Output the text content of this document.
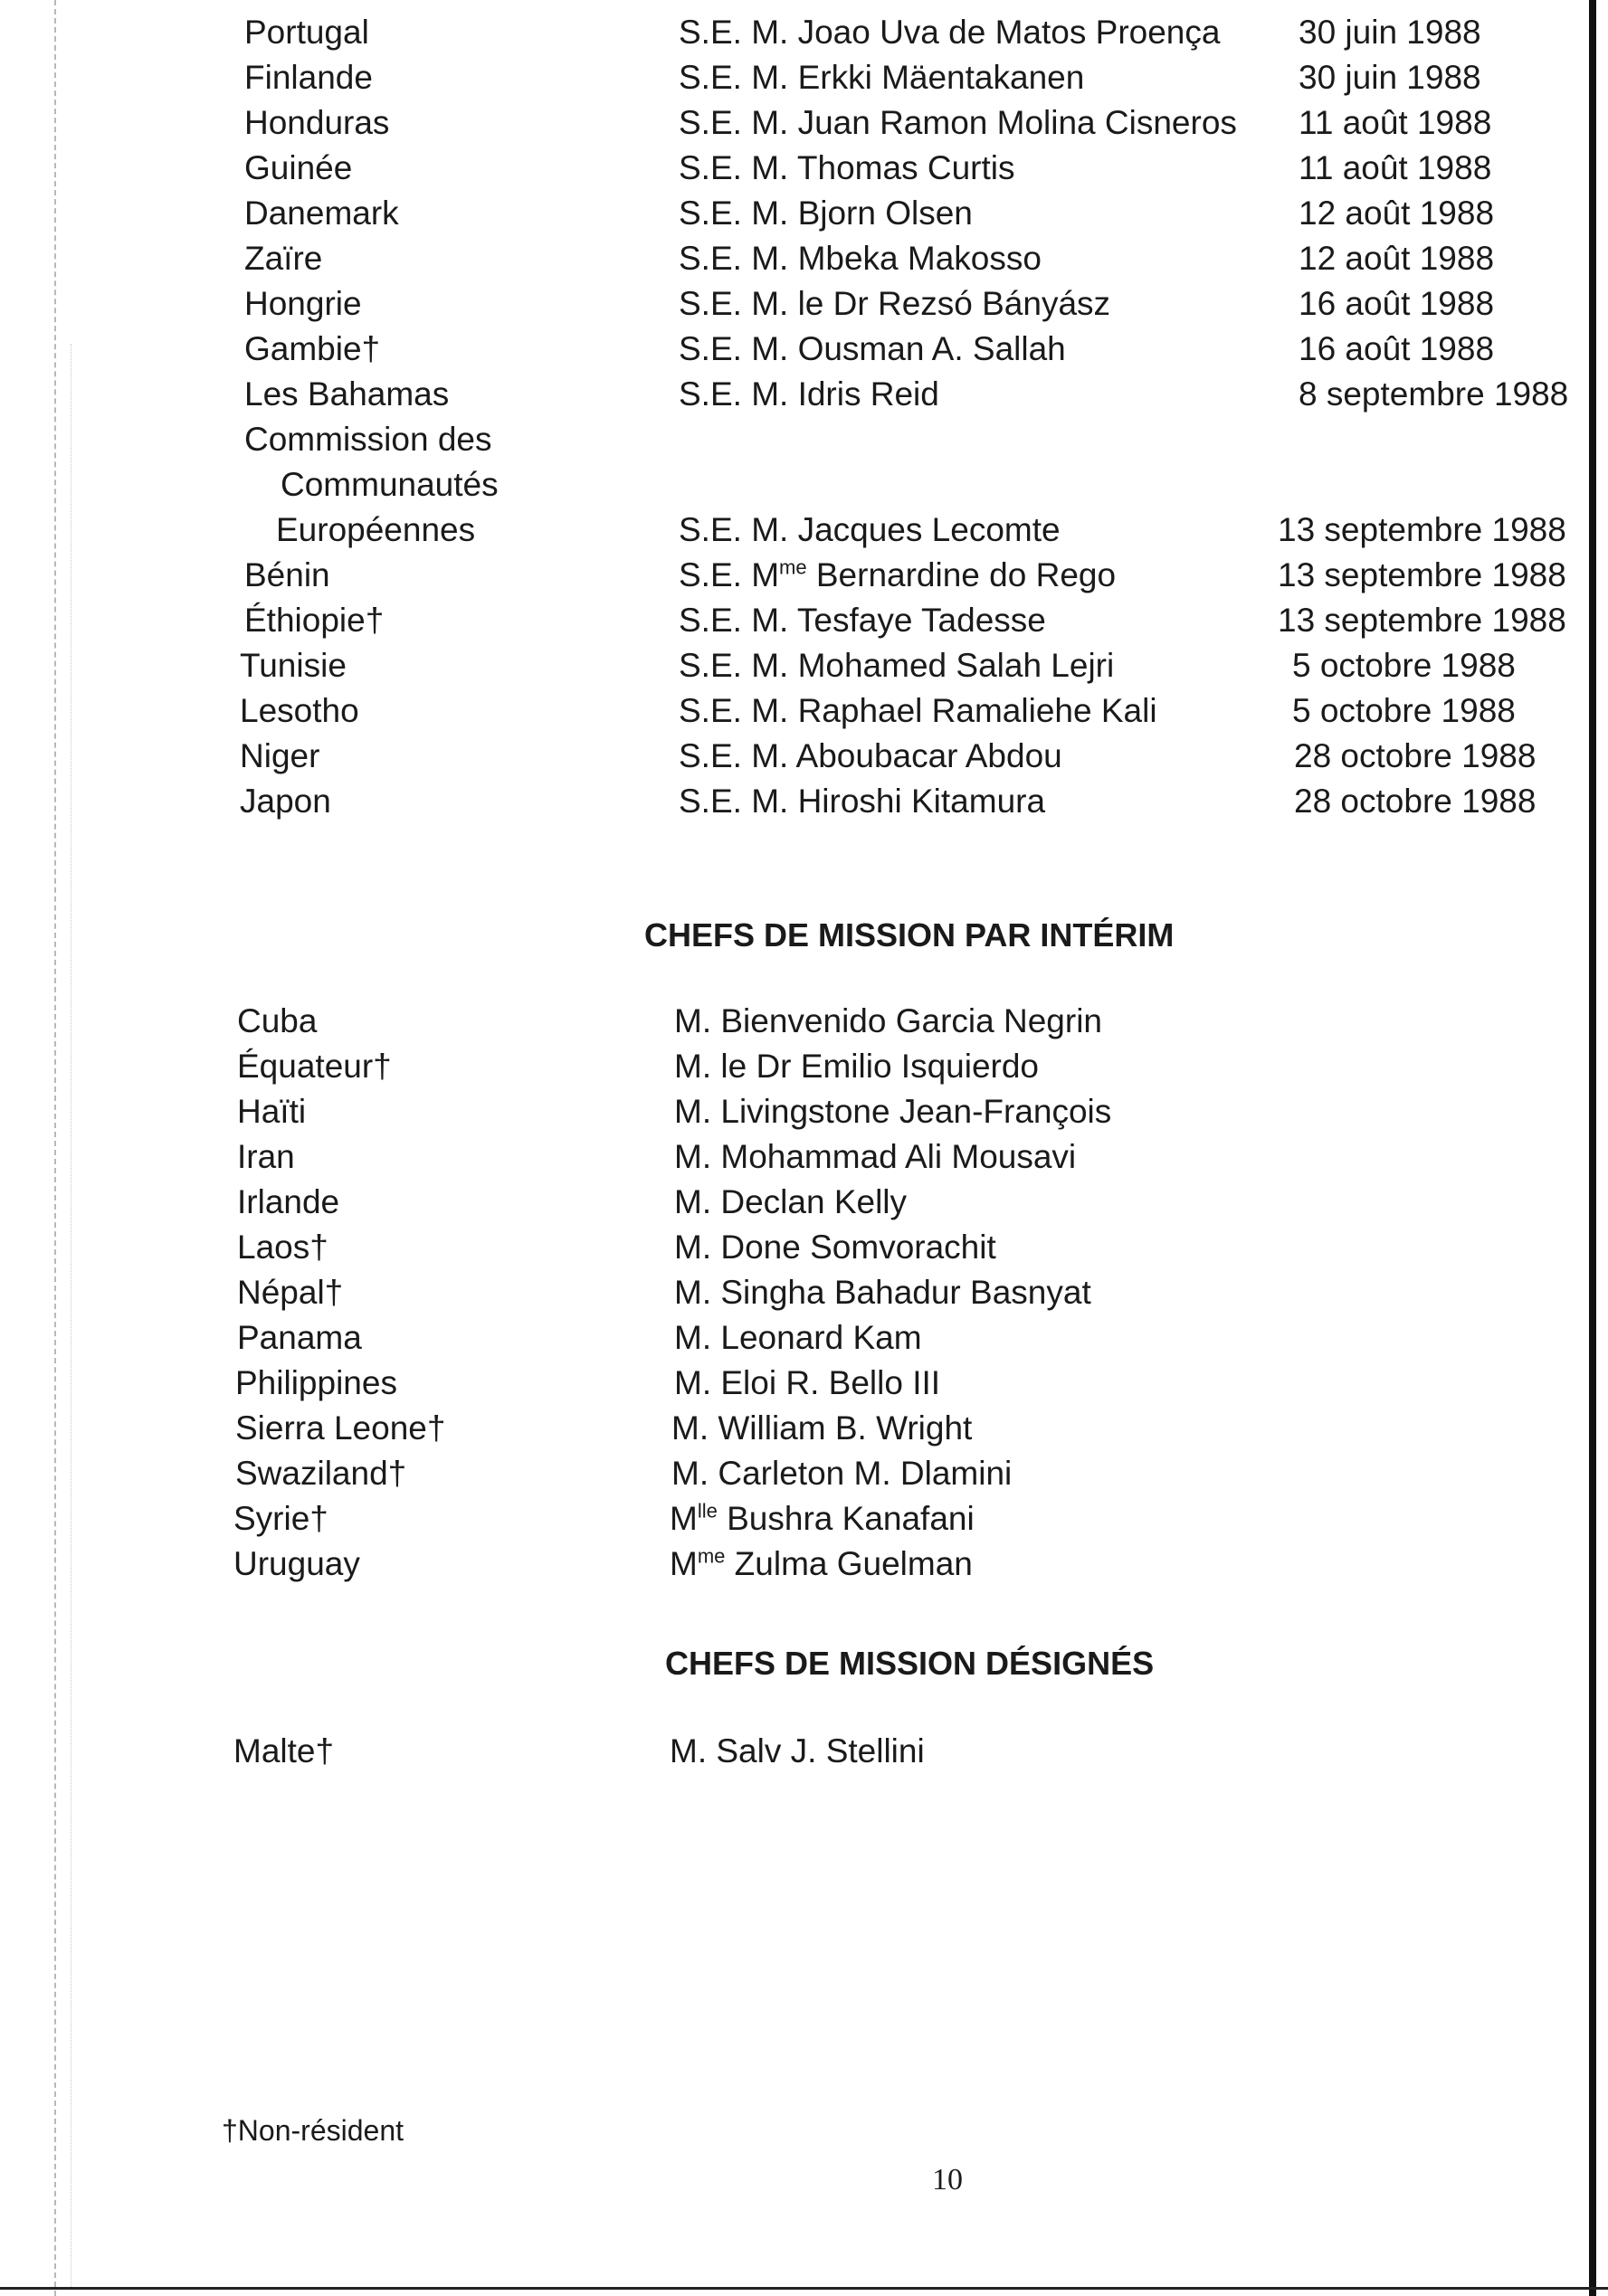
Portugal	S.E. M. Joao Uva de Matos Proença 30 juin 1988
Finlande	S.E. M. Erkki Mäentakanen	30 juin 1988
Honduras	S.E. M. Juan Ramon Molina Cisneros 11 août 1988
Guinée	S.E. M. Thomas Curtis	11 août 1988
Danemark	S.E. M. Bjorn Olsen	12 août 1988
Zaïre	S.E. M. Mbeka Makosso	12 août 1988
Hongrie	S.E. M. le Dr Rezsó Bányász	16 août 1988
Gambie†	S.E. M. Ousman A. Sallah	16 août 1988
Les Bahamas	S.E. M. Idris Reid	8 septembre 1988
Commission des
Communautés
Européennes	S.E. M. Jacques Lecomte	13 septembre 1988
Bénin	S.E. $M^{me}$ Bernardine do Rego	13 septembre 1988
Éthiopie†	S.E. M. Tesfaye Tadesse	13 septembre 1988
Tunisie	S.E. M. Mohamed Salah Lejri	5 octobre 1988
Lesotho	S.E. M. Raphael Ramaliehe Kali	5 octobre 1988
Niger	S.E. M. Aboubacar Abdou	28 octobre 1988
Japon	S.E. M. Hiroshi Kitamura	28 octobre 1988
CHEFS DE MISSION PAR INTÉRIM
Cuba	M. Bienvenido Garcia Negrin
Équateur†	M. le Dr Emilio Isquierdo
Haïti	M. Livingstone Jean-François
Iran	M. Mohammad Ali Mousavi
Irlande	M. Declan Kelly
Laos†	M. Done Somvorachit
Népal†	M. Singha Bahadur Basnyat
Panama	M. Leonard Kam
Philippines	M. Eloi R. Bello III
Sierra Leone†	M. William B. Wright
Swaziland†	M. Carleton M. Dlamini
Syrie†	$M^{lle}$ Bushra Kanafani
Uruguay	$M^{me}$ Zulma Guelman
CHEFS DE MISSION DÉSIGNÉS
Malte†	M. Salv J. Stellini
†Non-résident
10
